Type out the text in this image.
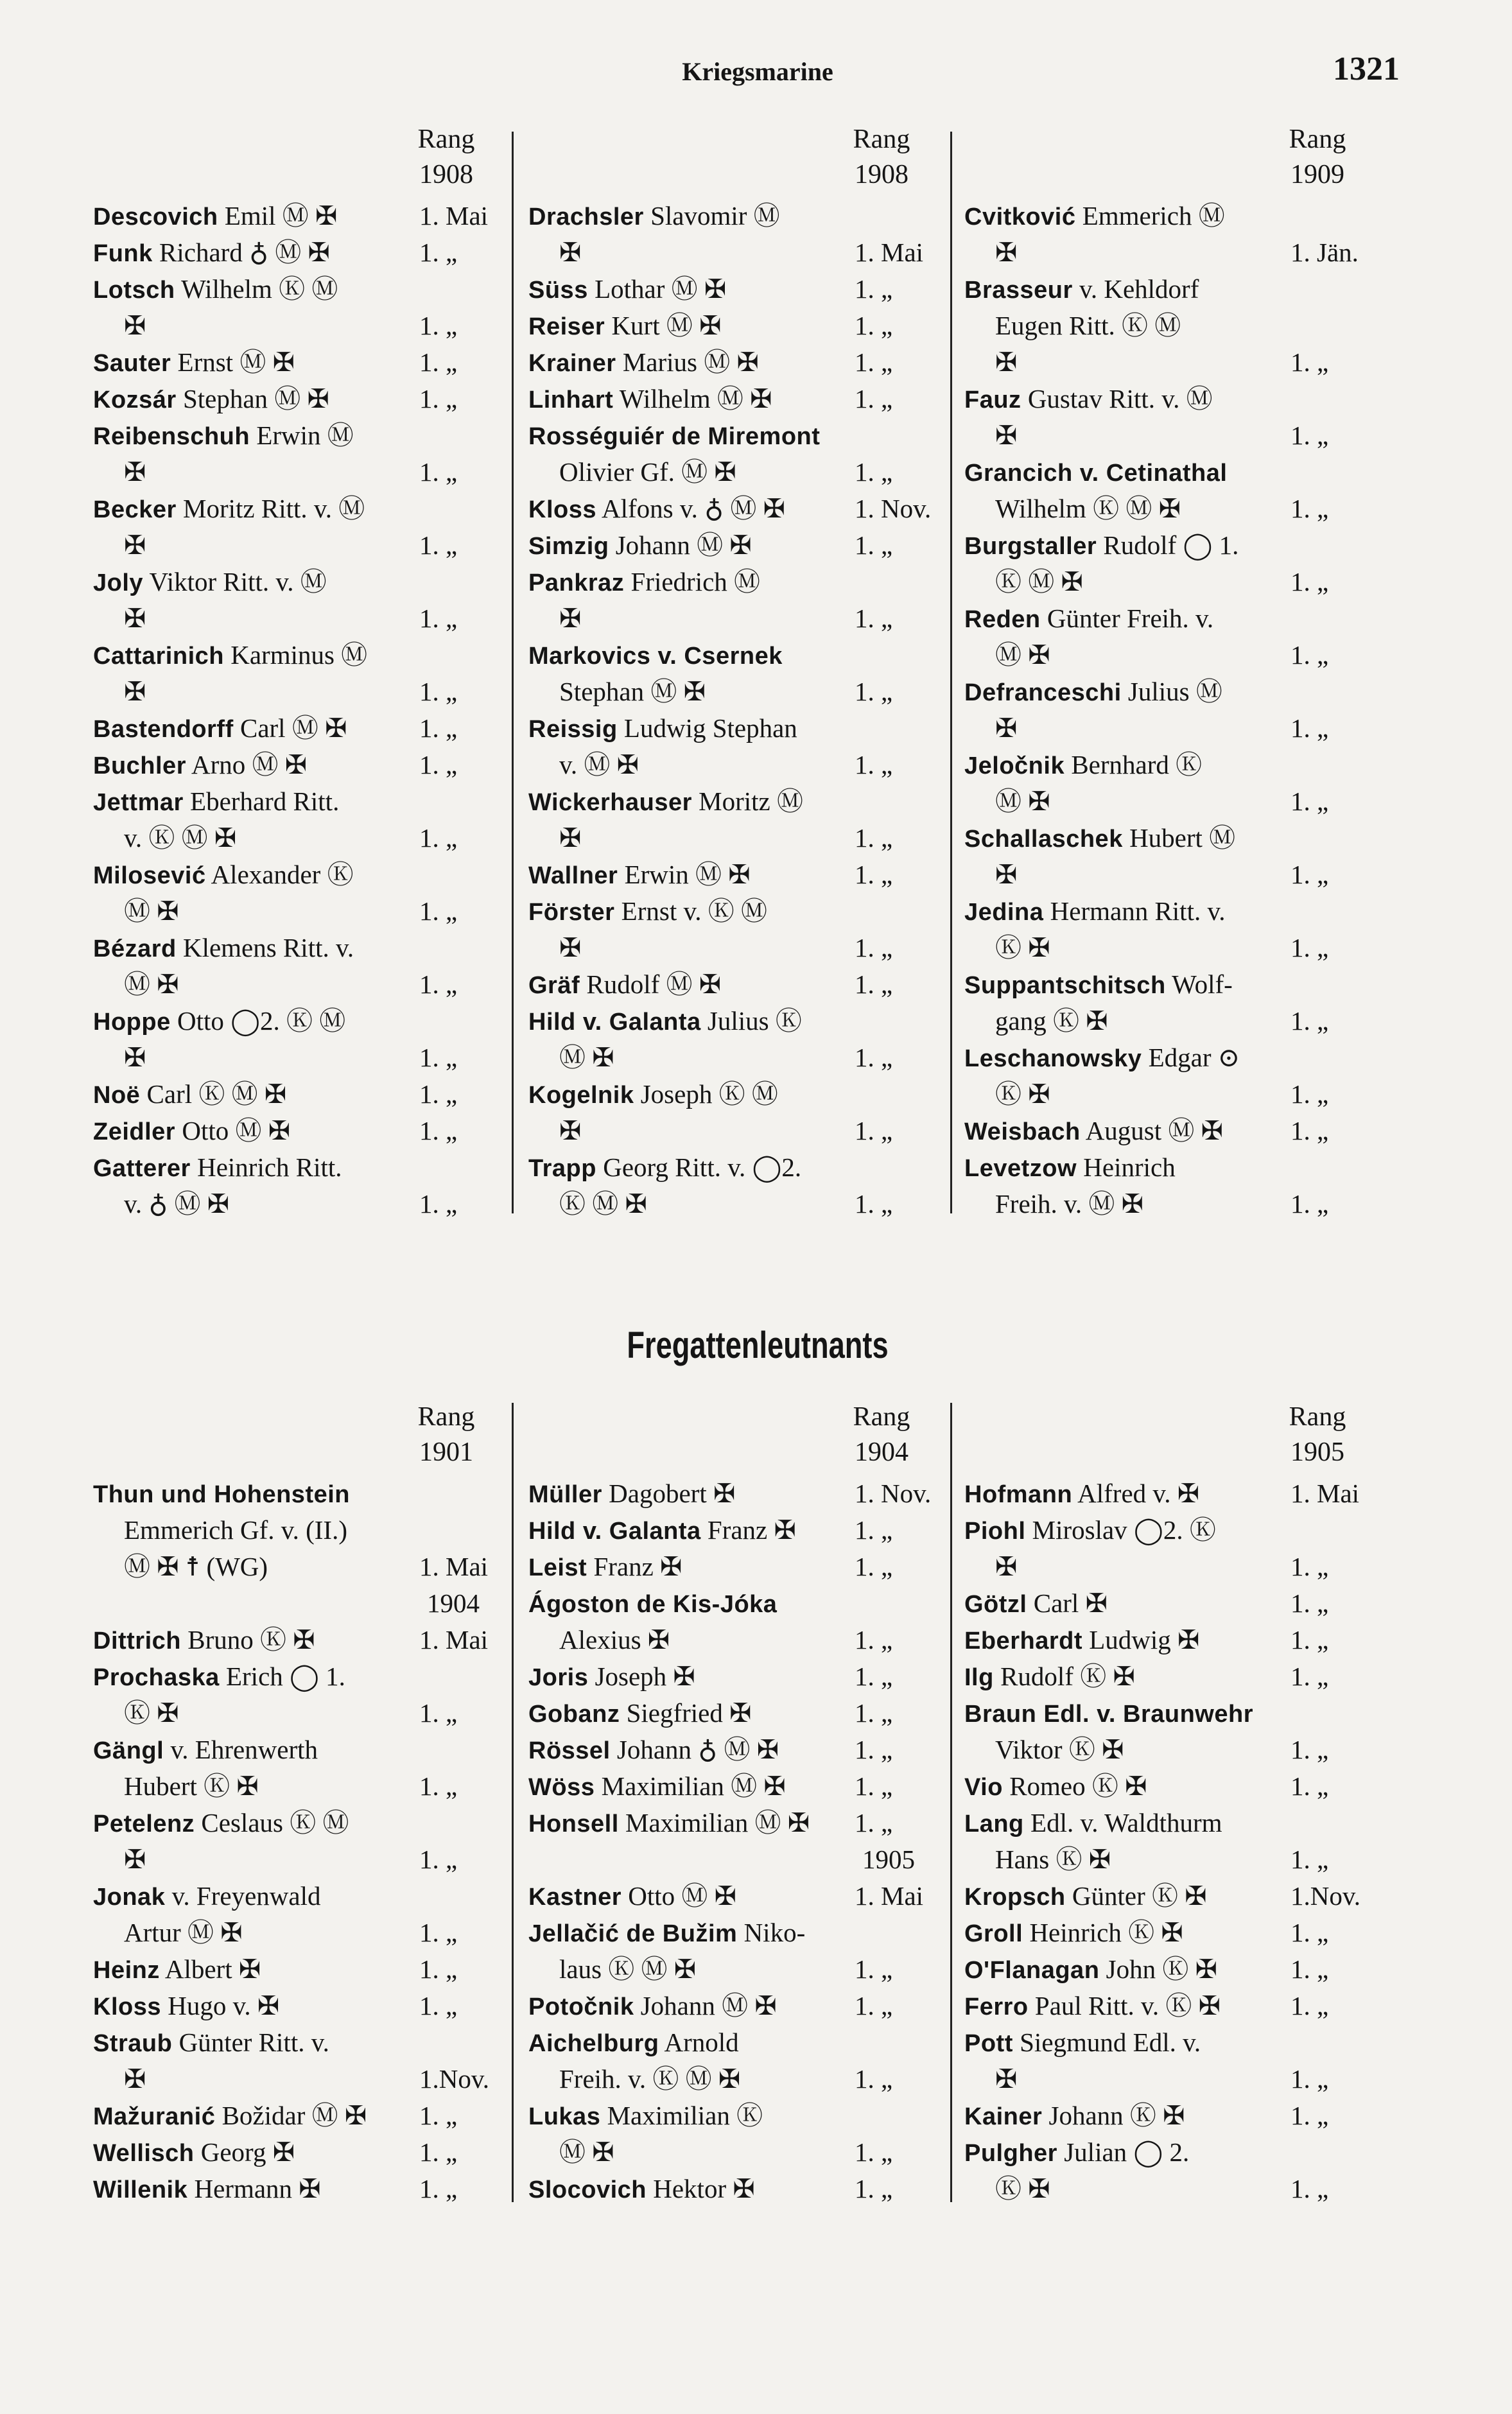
Kriegsmarine	1321
Rang
1908
Descovich Emil Ⓜ ✠	1. Mai
Funk Richard ♁ Ⓜ ✠	1. „
Lotsch Wilhelm Ⓚ Ⓜ
✠	1. „
Sauter Ernst Ⓜ ✠	1. „
Kozsár Stephan Ⓜ ✠	1. „
Reibenschuh Erwin Ⓜ
✠	1. „
Becker Moritz Ritt. v. Ⓜ
✠	1. „
Joly Viktor Ritt. v. Ⓜ
✠	1. „
Cattarinich Karminus Ⓜ
✠	1. „
Bastendorff Carl Ⓜ ✠	1. „
Buchler Arno Ⓜ ✠	1. „
Jettmar Eberhard Ritt.
v. Ⓚ Ⓜ ✠	1. „
Milosević Alexander Ⓚ
Ⓜ ✠	1. „
Bézard Klemens Ritt. v.
Ⓜ ✠	1. „
Hoppe Otto ◯2. Ⓚ Ⓜ
✠	1. „
Noë Carl Ⓚ Ⓜ ✠	1. „
Zeidler Otto Ⓜ ✠	1. „
Gatterer Heinrich Ritt.
v. ♁ Ⓜ ✠	1. „
Rang
1908
Drachsler Slavomir Ⓜ
✠	1. Mai
Süss Lothar Ⓜ ✠	1. „
Reiser Kurt Ⓜ ✠	1. „
Krainer Marius Ⓜ ✠	1. „
Linhart Wilhelm Ⓜ ✠	1. „
Rosséguiér de Miremont
Olivier Gf. Ⓜ ✠	1. „
Kloss Alfons v. ♁ Ⓜ ✠	1. Nov.
Simzig Johann Ⓜ ✠	1. „
Pankraz Friedrich Ⓜ
✠	1. „
Markovics v. Csernek
Stephan Ⓜ ✠	1. „
Reissig Ludwig Stephan
v. Ⓜ ✠	1. „
Wickerhauser Moritz Ⓜ
✠	1. „
Wallner Erwin Ⓜ ✠	1. „
Förster Ernst v. Ⓚ Ⓜ
✠	1. „
Gräf Rudolf Ⓜ ✠	1. „
Hild v. Galanta Julius Ⓚ
Ⓜ ✠	1. „
Kogelnik Joseph Ⓚ Ⓜ
✠	1. „
Trapp Georg Ritt. v. ◯2.
Ⓚ Ⓜ ✠	1. „
Rang
1909
Cvitković Emmerich Ⓜ
✠	1. Jän.
Brasseur v. Kehldorf
Eugen Ritt. Ⓚ Ⓜ
✠	1. „
Fauz Gustav Ritt. v. Ⓜ
✠	1. „
Grancich v. Cetinathal
Wilhelm Ⓚ Ⓜ ✠	1. „
Burgstaller Rudolf ◯ 1.
Ⓚ Ⓜ ✠	1. „
Reden Günter Freih. v.
Ⓜ ✠	1. „
Defranceschi Julius Ⓜ
✠	1. „
Jeločnik Bernhard Ⓚ
Ⓜ ✠	1. „
Schallaschek Hubert Ⓜ
✠	1. „
Jedina Hermann Ritt. v.
Ⓚ ✠	1. „
Suppantschitsch Wolf-
gang Ⓚ ✠	1. „
Leschanowsky Edgar ⊙
Ⓚ ✠	1. „
Weisbach August Ⓜ ✠	1. „
Levetzow Heinrich
Freih. v. Ⓜ ✠	1. „
Fregattenleutnants
Rang
1901
Thun und Hohenstein
Emmerich Gf. v. (II.)
Ⓜ ✠ ☨ (WG)	1. Mai
1904
Dittrich Bruno Ⓚ ✠	1. Mai
Prochaska Erich ◯ 1.
Ⓚ ✠	1. „
Gängl v. Ehrenwerth
Hubert Ⓚ ✠	1. „
Petelenz Ceslaus Ⓚ Ⓜ
✠	1. „
Jonak v. Freyenwald
Artur Ⓜ ✠	1. „
Heinz Albert ✠	1. „
Kloss Hugo v. ✠	1. „
Straub Günter Ritt. v.
✠	1.Nov.
Mažuranić Božidar Ⓜ ✠ 1. „
Wellisch Georg ✠	1. „
Willenik Hermann ✠	1. „
Rang
1904
Müller Dagobert ✠	1. Nov.
Hild v. Galanta Franz ✠ 1. „
Leist Franz ✠	1. „
Ágoston de Kis-Jóka
Alexius ✠	1. „
Joris Joseph ✠	1. „
Gobanz Siegfried ✠	1. „
Rössel Johann ♁ Ⓜ ✠	1. „
Wöss Maximilian Ⓜ ✠	1. „
Honsell Maximilian Ⓜ ✠ 1. „
1905
Kastner Otto Ⓜ ✠	1. Mai
Jellačić de Bužim Niko-
laus Ⓚ Ⓜ ✠	1. „
Potočnik Johann Ⓜ ✠	1. „
Aichelburg Arnold
Freih. v. Ⓚ Ⓜ ✠	1. „
Lukas Maximilian Ⓚ
Ⓜ ✠	1. „
Slocovich Hektor ✠	1. „
Rang
1905
Hofmann Alfred v. ✠	1. Mai
Piohl Miroslav ◯2. Ⓚ
✠	1. „
Götzl Carl ✠	1. „
Eberhardt Ludwig ✠	1. „
Ilg Rudolf Ⓚ ✠	1. „
Braun Edl. v. Braunwehr
Viktor Ⓚ ✠	1. „
Vio Romeo Ⓚ ✠	1. „
Lang Edl. v. Waldthurm
Hans Ⓚ ✠	1. „
Kropsch Günter Ⓚ ✠	1.Nov.
Groll Heinrich Ⓚ ✠	1. „
O'Flanagan John Ⓚ ✠	1. „
Ferro Paul Ritt. v. Ⓚ ✠	1. „
Pott Siegmund Edl. v.
✠	1. „
Kainer Johann Ⓚ ✠	1. „
Pulgher Julian ◯ 2.
Ⓚ ✠	1. „
